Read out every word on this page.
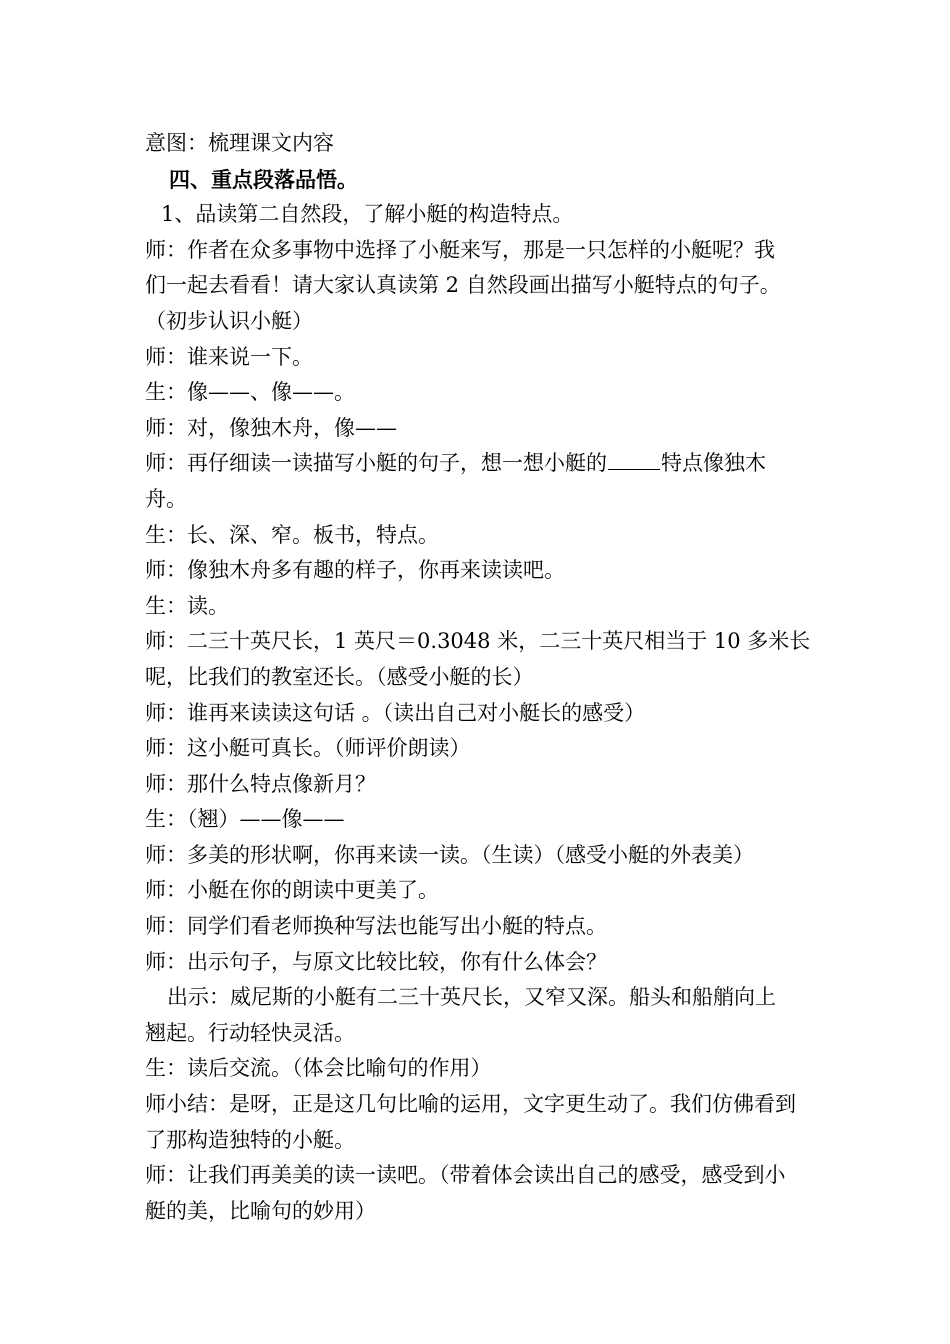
意图：梳理课文内容
四、重点段落品悟。
1、品读第二自然段，了解小艇的构造特点。
师：作者在众多事物中选择了小艇来写，那是一只怎样的小艇呢？我
们一起去看看！请大家认真读第 2 自然段画出描写小艇特点的句子。
（初步认识小艇）
师：谁来说一下。
生：像——、像——。
师：对，像独木舟，像——
师：再仔细读一读描写小艇的句子，想一想小艇的	特点像独木
舟。
生：长、深、窄。板书，特点。
师：像独木舟多有趣的样子，你再来读读吧。
生：读。
师：二三十英尺长，1 英尺＝0.3048 米，二三十英尺相当于 10 多米长
呢，比我们的教室还长。（感受小艇的长）
师：谁再来读读这句话 。（读出自己对小艇长的感受）
师：这小艇可真长。（师评价朗读）
师：那什么特点像新月？
生：（翘）——像——
师：多美的形状啊，你再来读一读。（生读）（感受小艇的外表美）
师：小艇在你的朗读中更美了。
师：同学们看老师换种写法也能写出小艇的特点。
师：出示句子，与原文比较比较，你有什么体会？
出示：威尼斯的小艇有二三十英尺长，又窄又深。船头和船艄向上
翘起。行动轻快灵活。
生：读后交流。（体会比喻句的作用）
师小结：是呀，正是这几句比喻的运用，文字更生动了。我们仿佛看到
了那构造独特的小艇。
师：让我们再美美的读一读吧。（带着体会读出自己的感受，感受到小
艇的美，比喻句的妙用）
